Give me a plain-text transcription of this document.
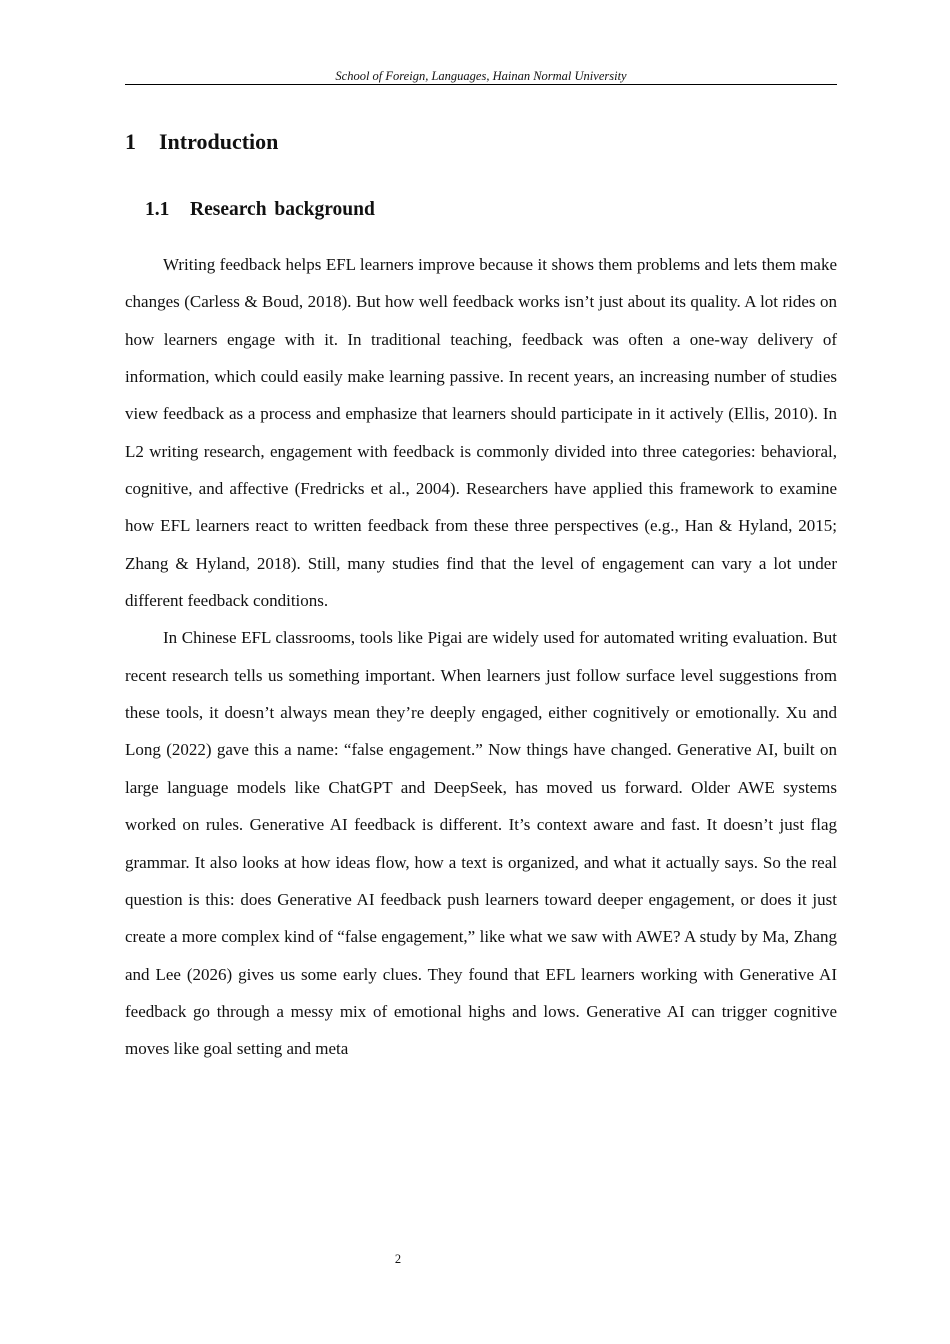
School of Foreign, Languages, Hainan Normal University
1 Introduction
1.1 Research background

Writing feedback helps EFL learners improve because it shows them problems and lets them make changes (Carless & Boud, 2018). But how well feedback works isn’t just about its quality. A lot rides on how learners engage with it. In traditional teaching, feedback was often a one-way delivery of information, which could easily make learning passive. In recent years, an increasing number of studies view feedback as a process and emphasize that learners should participate in it actively (Ellis, 2010). In L2 writing research, engagement with feedback is commonly divided into three categories: behavioral, cognitive, and affective (Fredricks et al., 2004). Researchers have applied this framework to examine how EFL learners react to written feedback from these three perspectives (e.g., Han & Hyland, 2015; Zhang & Hyland, 2018). Still, many studies find that the level of engagement can vary a lot under different feedback conditions.

In Chinese EFL classrooms, tools like Pigai are widely used for automated writing evaluation. But recent research tells us something important. When learners just follow surface level suggestions from these tools, it doesn’t always mean they’re deeply engaged, either cognitively or emotionally. Xu and Long (2022) gave this a name: “false engagement.” Now things have changed. Generative AI, built on large language models like ChatGPT and DeepSeek, has moved us forward. Older AWE systems worked on rules. Generative AI feedback is different. It’s context aware and fast. It doesn’t just flag grammar. It also looks at how ideas flow, how a text is organized, and what it actually says. So the real question is this: does Generative AI feedback push learners toward deeper engagement, or does it just create a more complex kind of “false engagement,” like what we saw with AWE? A study by Ma, Zhang and Lee (2026) gives us some early clues. They found that EFL learners working with Generative AI feedback go through a messy mix of emotional highs and lows. Generative AI can trigger cognitive moves like goal setting and meta

2
